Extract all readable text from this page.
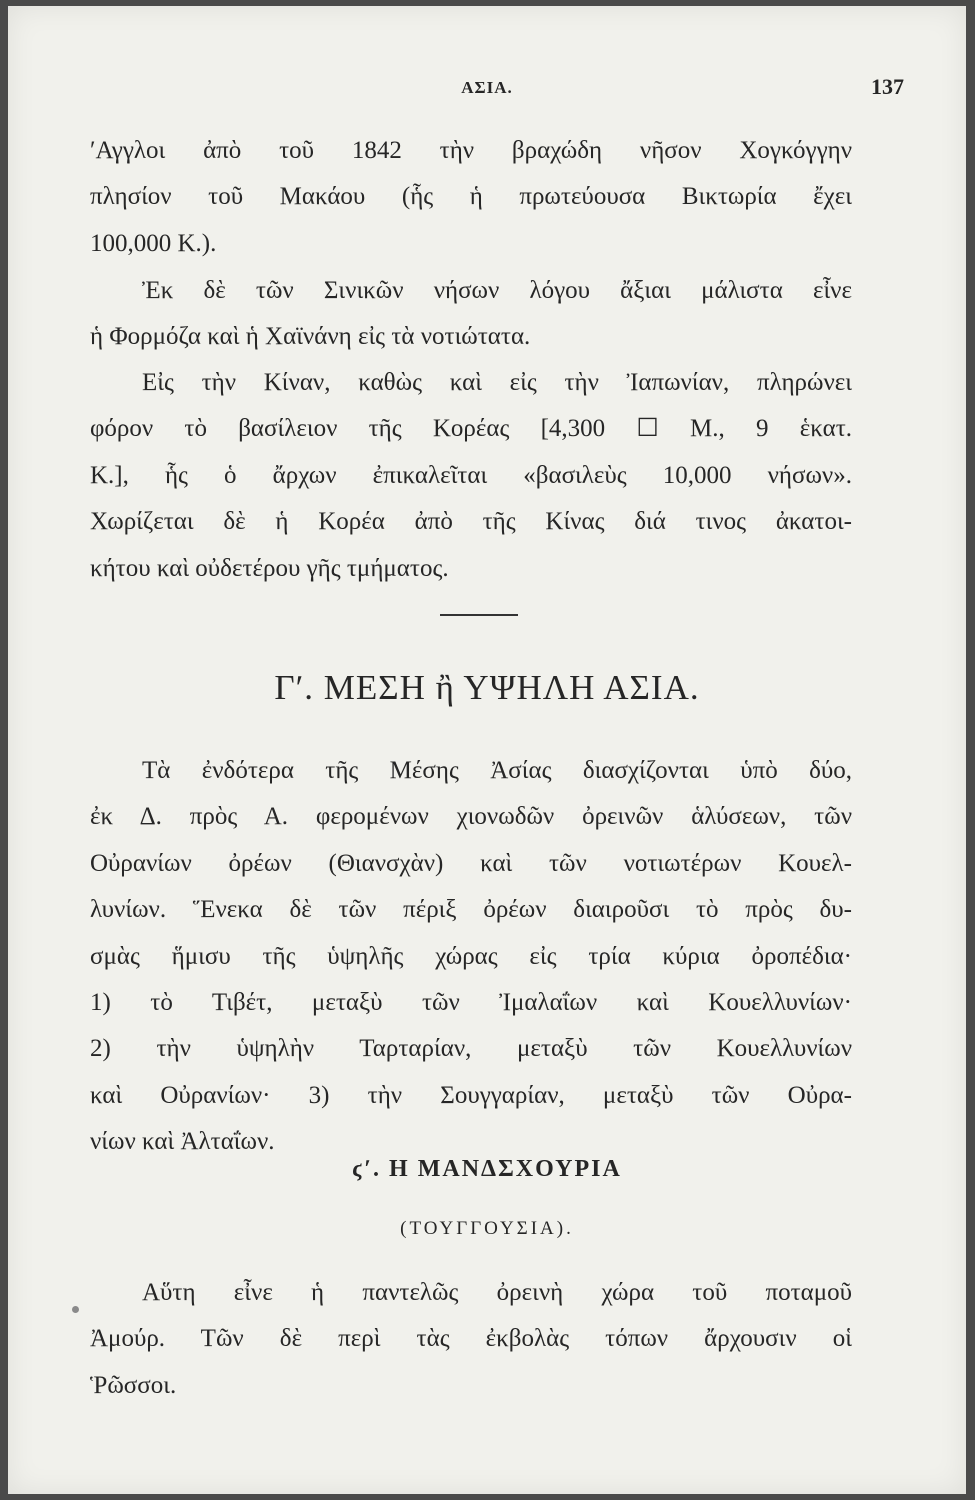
ΑΣΙΑ.	137
ʹΑγγλοι ἀπὸ τοῦ 1842 τὴν βραχώδη νῆσον Χογκόγγην
πλησίον τοῦ Μακάου (ἧς ἡ πρωτεύουσα Βικτωρία ἔχει
100,000 Κ.).
Ἐκ δὲ τῶν Σινικῶν νήσων λόγου ἄξιαι μάλιστα εἶνε
ἡ Φορμόζα καὶ ἡ Χαϊνάνη εἰς τὰ νοτιώτατα.
Εἰς τὴν Κίναν, καθὼς καὶ εἰς τὴν Ἰαπωνίαν, πληρώνει
φόρον τὸ βασίλειον τῆς Κορέας [4,300 ☐ Μ., 9 ἑκατ.
Κ.], ἧς ὁ ἄρχων ἐπικαλεῖται «βασιλεὺς 10,000 νήσων».
Χωρίζεται δὲ ἡ Κορέα ἀπὸ τῆς Κίνας διά τινος ἀκατοι-
κήτου καὶ οὐδετέρου γῆς τμήματος.
Γʹ. ΜΕΣΗ ἢ ΥΨΗΛΗ ΑΣΙΑ.
Τὰ ἐνδότερα τῆς Μέσης Ἀσίας διασχίζονται ὑπὸ δύο,
ἐκ Δ. πρὸς Α. φερομένων χιονωδῶν ὀρεινῶν ἁλύσεων, τῶν
Οὐρανίων ὀρέων (Θιανσχὰν) καὶ τῶν νοτιωτέρων Κουελ-
λυνίων. Ἕνεκα δὲ τῶν πέριξ ὀρέων διαιροῦσι τὸ πρὸς δυ-
σμὰς ἥμισυ τῆς ὑψηλῆς χώρας εἰς τρία κύρια ὀροπέδια·
1) τὸ Τιβέτ, μεταξὺ τῶν Ἰμαλαΐων καὶ Κουελλυνίων·
2) τὴν ὑψηλὴν Ταρταρίαν, μεταξὺ τῶν Κουελλυνίων
καὶ Οὐρανίων· 3) τὴν Σουγγαρίαν, μεταξὺ τῶν Οὐρα-
νίων καὶ Ἀλταΐων.
ϛʹ. Η ΜΑΝΔΣΧΟΥΡΙΑ
(ΤΟΥΓΓΟΥΣΙΑ).
Αὕτη εἶνε ἡ παντελῶς ὀρεινὴ χώρα τοῦ ποταμοῦ
Ἀμούρ. Τῶν δὲ περὶ τὰς ἐκβολὰς τόπων ἄρχουσιν οἱ
Ῥῶσσοι.
